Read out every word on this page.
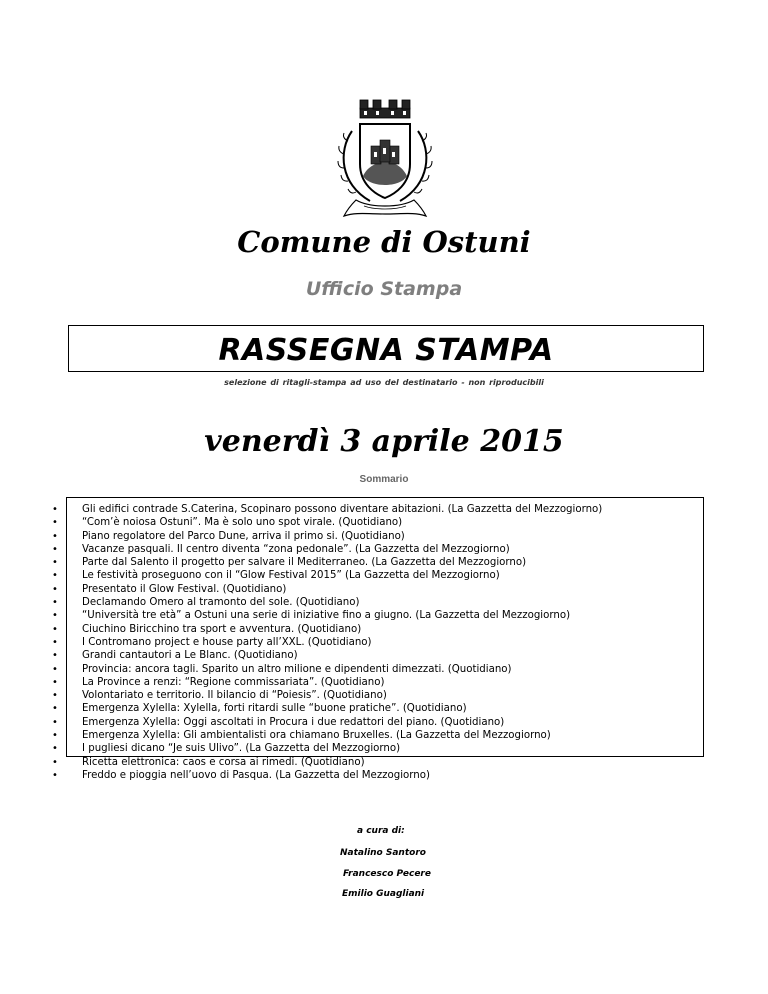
Comune di Ostuni
Ufficio Stampa
RASSEGNA STAMPA
selezione di ritagli-stampa ad uso del destinatario - non riproducibili
venerdì 3 aprile 2015
Sommario
• Gli edifici contrade S.Caterina, Scopinaro possono diventare abitazioni. (La Gazzetta del Mezzogiorno)
• “Com’è noiosa Ostuni”. Ma è solo uno spot virale. (Quotidiano)
• Piano regolatore del Parco Dune, arriva il primo si. (Quotidiano)
• Vacanze pasquali. Il centro diventa “zona pedonale”. (La Gazzetta del Mezzogiorno)
• Parte dal Salento il progetto per salvare il Mediterraneo. (La Gazzetta del Mezzogiorno)
• Le festività proseguono con il “Glow Festival 2015” (La Gazzetta del Mezzogiorno)
• Presentato il Glow Festival. (Quotidiano)
• Declamando Omero al tramonto del sole. (Quotidiano)
• “Università tre età” a Ostuni una serie di iniziative fino a giugno. (La Gazzetta del Mezzogiorno)
• Ciuchino Biricchino tra sport e avventura. (Quotidiano)
• I Contromano project e house party all’XXL. (Quotidiano)
• Grandi cantautori a Le Blanc. (Quotidiano)
• Provincia: ancora tagli. Sparito un altro milione e dipendenti dimezzati. (Quotidiano)
• La Province a renzi: “Regione commissariata”. (Quotidiano)
• Volontariato e territorio. Il bilancio di “Poiesis”. (Quotidiano)
• Emergenza Xylella: Xylella, forti ritardi sulle “buone pratiche”. (Quotidiano)
• Emergenza Xylella: Oggi ascoltati in Procura i due redattori del piano. (Quotidiano)
• Emergenza Xylella: Gli ambientalisti ora chiamano Bruxelles. (La Gazzetta del Mezzogiorno)
• I pugliesi dicano “Je suis Ulivo”. (La Gazzetta del Mezzogiorno)
• Ricetta elettronica: caos e corsa ai rimedi. (Quotidiano)
• Freddo e pioggia nell’uovo di Pasqua. (La Gazzetta del Mezzogiorno)
a cura di:
Natalino Santoro
Francesco Pecere
Emilio Guagliani
